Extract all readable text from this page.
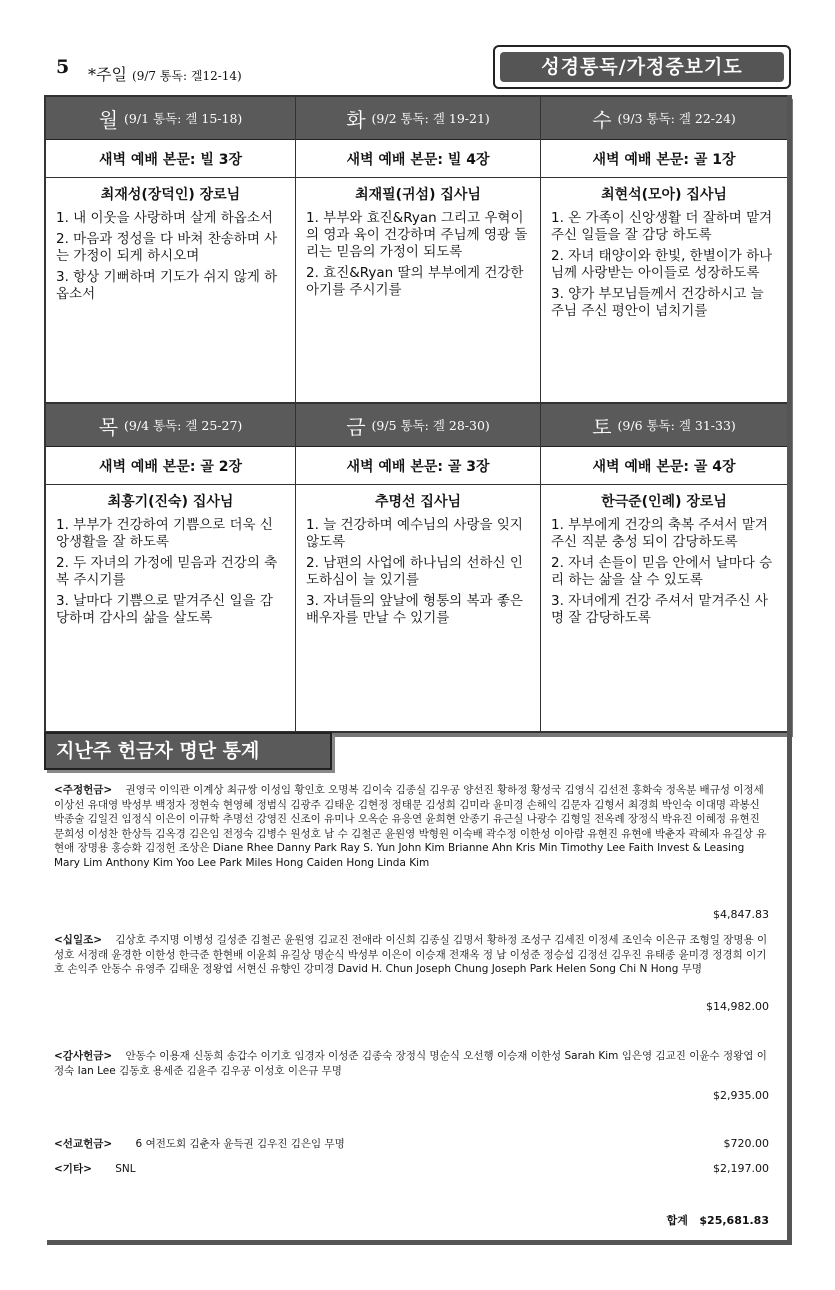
5 *주일 (9/7 통독: 겔12-14)	성경통독/가정중보기도
월 (9/1 통독: 겔 15-18)
새벽 예배 본문: 빌 3장
최재성(장덕인) 장로님
1. 내 이웃을 사랑하며 살게 하옵소서
2. 마음과 정성을 다 바쳐 찬송하며 사는 가정이 되게 하시오며
3. 항상 기뻐하며 기도가 쉬지 않게 하옵소서
화 (9/2 통독: 겔 19-21)
새벽 예배 본문: 빌 4장
최재필(귀섬) 집사님
1. 부부와 효진&Ryan 그리고 우혁이의 영과 육이 건강하며 주님께 영광 돌리는 믿음의 가정이 되도록
2. 효진&Ryan 딸의 부부에게 건강한 아기를 주시기를
수 (9/3 통독: 겔 22-24)
새벽 예배 본문: 골 1장
최현석(모아) 집사님
1. 온 가족이 신앙생활 더 잘하며 맡겨주신 일들을 잘 감당 하도록
2. 자녀 태양이와 한빛, 한별이가 하나님께 사랑받는 아이들로 성장하도록
3. 양가 부모님들께서 건강하시고 늘 주님 주신 평안이 넘치기를
목 (9/4 통독: 겔 25-27)
새벽 예배 본문: 골 2장
최흥기(진숙) 집사님
1. 부부가 건강하여 기쁨으로 더욱 신앙생활을 잘 하도록
2. 두 자녀의 가정에 믿음과 건강의 축복 주시기를
3. 날마다 기쁨으로 맡겨주신 일을 감당하며 감사의 삶을 살도록
금 (9/5 통독: 겔 28-30)
새벽 예배 본문: 골 3장
추명선 집사님
1. 늘 건강하며 예수님의 사랑을 잊지 않도록
2. 남편의 사업에 하나님의 선하신 인도하심이 늘 있기를
3. 자녀들의 앞날에 형통의 복과 좋은 배우자를 만날 수 있기를
토 (9/6 통독: 겔 31-33)
새벽 예배 본문: 골 4장
한극준(인례) 장로님
1. 부부에게 건강의 축복 주셔서 맡겨주신 직분 충성 되이 감당하도록
2. 자녀 손들이 믿음 안에서 날마다 승리 하는 삶을 살 수 있도록
3. 자녀에게 건강 주셔서 맡겨주신 사명 잘 감당하도록
지난주 헌금자 명단 통계
<주정헌금> 권영국 이익관 이계상 최규쌍 이성임 황인호 오명복 김이숙 김종실 김우공 양선진 황하정 황성국 김영식 김선전 홍화숙 정옥분 배규성 이정세 이상선 유대영 박성부 백정자 정현숙 현영혜 정범식 김광주 김태운 김현정 정태문 김성희 김미라 윤미경 손해익 김문자 김형서 최경희 박인숙 이대명 곽봉신 박종술 김일건 임정식 이은이 이규학 추명선 강영진 신조이 유미나 오옥순 유응연 윤희현 안종기 유근실 나광수 김형일 전옥례 장정식 박유진 이혜정 유현진 문희성 이성찬 한상득 김옥경 김은임 전정숙 김병수 원성호 남 수 김철곤 윤원영 박형원 이숙배 곽수정 이한성 이아람 유현진 유현애 박춘자 곽혜자 유길상 유현애 장명용 홍승화 김정헌 조상은 Diane Rhee Danny Park Ray S. Yun John Kim Brianne Ahn Kris Min Timothy Lee Faith Invest & Leasing Mary Lim Anthony Kim Yoo Lee Park Miles Hong Caiden Hong Linda Kim
$4,847.83
<십일조> 김상호 주지명 이병성 길성준 김철곤 윤원영 김교진 전애라 이신희 김종실 김명서 황하정 조성구 김세진 이정세 조인숙 이은규 조형일 장명용 이성호 서정래 윤경한 이한성 한극준 한현배 이윤희 유길상 명순식 박성부 이은이 이승재 전재옥 정 남 이성준 정승섭 김정선 김우진 유태종 윤미경 정경희 이기호 손익주 안동수 유영주 김태운 정왕엽 서현신 유향인 강미경 David H. Chun Joseph Chung Joseph Park Helen Song Chi N Hong 무명
$14,982.00
<감사헌금> 안동수 이용재 신동희 송갑수 이기호 임경자 이성준 김종숙 장정식 명순식 오선행 이승재 이한성 Sarah Kim 임은영 김교진 이윤수 정왕엽 이정숙 Ian Lee 김동호 용세준 김윤주 김우공 이성호 이은규 무명
$2,935.00
<선교헌금> 6 여전도회 김춘자 윤득권 김우진 김은임 무명	$720.00
<기타> SNL	$2,197.00
합계 $25,681.83
